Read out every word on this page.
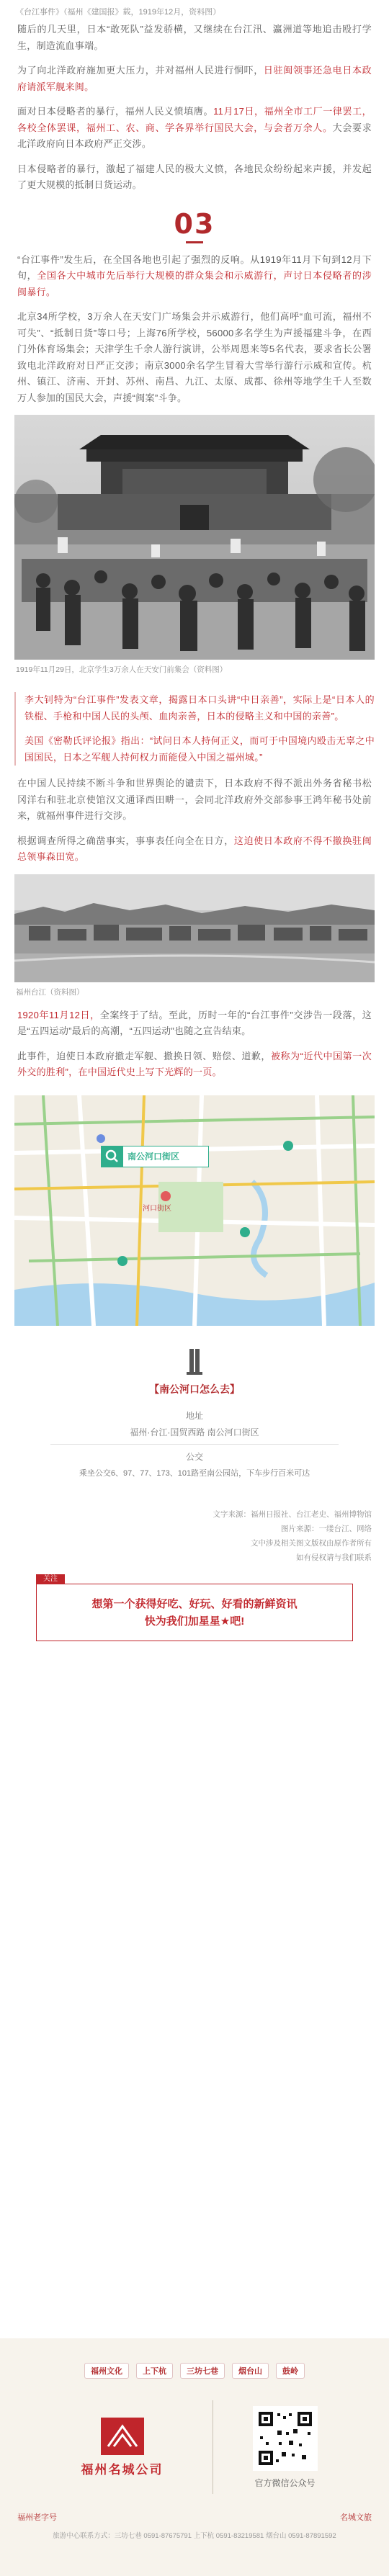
《台江事件》（福州《建国报》载，1919年12月，资料图）

随后的几天里，日本“敢死队”益发骄横，又继续在台江汛、瀛洲道等地追击殴打学生，制造流血事端。

为了向北洋政府施加更大压力，并对福州人民进行恫吓，日驻闽领事还急电日本政府请派军舰来闽。

面对日本侵略者的暴行，福州人民义愤填膺。11月17日，福州全市工厂一律罢工，各校全体罢课，福州工、农、商、学各界举行国民大会，与会者万余人。大会要求北洋政府向日本政府严正交涉。

日本侵略者的暴行，激起了福建人民的极大义愤，各地民众纷纷起来声援，并发起了更大规模的抵制日货运动。

03

“台江事件”发生后，在全国各地也引起了强烈的反响。从1919年11月下旬到12月下旬，全国各大中城市先后举行大规模的群众集会和示威游行，声讨日本侵略者的涉闽暴行。

北京34所学校，3万余人在天安门广场集会并示威游行，他们高呼“血可流，福州不可失”、“抵制日货”等口号；上海76所学校，56000多名学生为声援福建斗争，在西门外体育场集会；天津学生千余人游行演讲，公举周恩来等5名代表，要求省长公署致电北洋政府对日严正交涉；南京3000余名学生冒着大雪举行游行示威和宣传。杭州、镇江、济南、开封、苏州、南昌、九江、太原、成都、徐州等地学生千人至数万人参加的国民大会，声援“闽案”斗争。

1919年11月29日，北京学生3万余人在天安门前集会（资料图）

李大钊特为“台江事件”发表文章，揭露日本口头讲“中日亲善”，实际上是“日本人的铁棍、手枪和中国人民的头颅、血肉亲善，日本的侵略主义和中国的亲善”。

美国《密勒氏评论报》指出：“试问日本人持何正义，而可于中国境内殴击无辜之中国国民，日本之军舰人持何权力而能侵入中国之福州城。”

在中国人民持续不断斗争和世界舆论的谴责下，日本政府不得不派出外务省秘书松冈洋右和驻北京使馆汉文通译西田畊一，会同北洋政府外交部参事王鸿年秘书处前来，就福州事件进行交涉。

根据调查所得之确凿事实，事事表任向全在日方，这迫使日本政府不得不撤换驻闽总领事森田宽。

福州台江（资料图）

1920年11月12日，全案终于了结。至此，历时一年的“台江事件”交涉告一段落，这是“五四运动”最后的高潮，“五四运动”也随之宣告结束。

此事件，迫使日本政府撤走军舰、撤换日领、赔偿、道歉，被称为“近代中国第一次外交的胜利”，在中国近代史上写下光辉的一页。

南公河口街区
河口街区
【南公河口怎么去】
地址
福州·台江·国贸西路 南公河口街区
公交
乘坐公交6、97、77、173、101路至南公园站，下车步行百米可达
文字来源：福州日报社、台江老史、福州博物馆
图片来源：一缕台江、网络
文中涉及相关图文版权由原作者所有
如有侵权请与我们联系
关注
想第一个获得好吃、好玩、好看的新鲜资讯
快为我们加星星★吧!
福州文化	上下杭	三坊七巷	烟台山	鼓岭
福州名城公司
官方微信公众号
福州老字号	名城文旅
旅游中心联系方式：三坊七巷 0591-87675791 上下杭 0591-83219581 烟台山 0591-87891592
